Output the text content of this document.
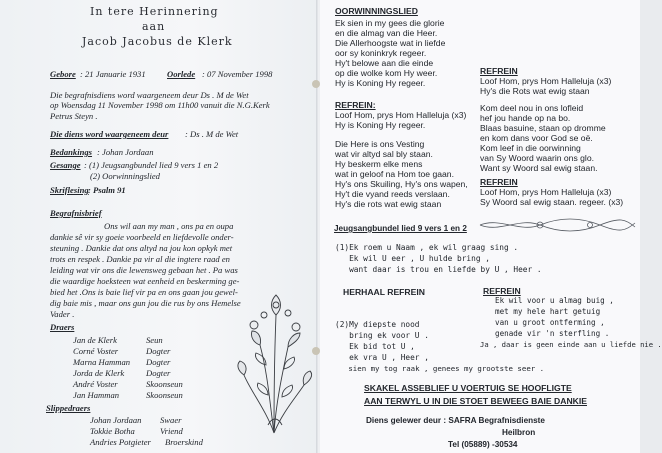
In tere Herinnering
aan
Jacob Jacobus de Klerk
Gebore : 21 Januarie 1931 Oorlede : 07 November 1998
Die begrafnisdiens word waargeneem deur Ds . M de Wet
op Woensdag 11 November 1998 om 11h00 vanuit die N.G.Kerk
Petrus Steyn .
Die diens word waargeneem deur : Ds . M de Wet
Bedankings : Johan Jordaan
Gesange : (1) Jeugsangbundel lied 9 vers 1 en 2
(2) Oorwinningslied
Skriflesing : Psalm 91
Begrafnisbrief
Ons wil aan my man , ons pa en oupa
dankie sê vir sy goeie voorbeeld en liefdevolle onder-
steuning . Dankie dat ons altyd na jou kon opkyk met
trots en respek . Dankie pa vir al die ingtere raad en
leiding wat vir ons die lewensweg gebaan het . Pa was
die waardige hoeksteen wat eenheid en beskerming ge-
bied het .Ons is baie lief vir pa en ons gaan jou gewel-
dig baie mis , maar ons gun jou die rus by ons Hemelse
Vader .
Draers
Jan de Klerk	Seun
Corné Voster	Dogter
Marna Hamman Dogter
Jorda de Klerk	Dogter
André Voster	Skoonseun
Jan Hamman	Skoonseun
Slippedraers
Johan Jordaan Swaer
Tokkie Botha	Vriend
Andries Potgieter Broerskind
OORWINNINGSLIED
Ek sien in my gees die glorie
en die almag van die Heer.
Die Allerhoogste wat in liefde
oor sy koninkryk regeer.
Hy't belowe aan die einde
op die wolke kom Hy weer.
Hy is Koning Hy regeer.
REFREIN:
Loof Hom, prys Hom Halleluja (x3)
Hy is Koning Hy regeer.
Die Here is ons Vesting
wat vir altyd sal bly staan.
Hy beskerm elke mens
wat in geloof na Hom toe gaan.
Hy's ons Skuiling, Hy's ons wapen,
Hy't die vyand reeds verslaan.
Hy's die rots wat ewig staan
REFREIN
Loof Hom, prys Hom Halleluja (x3)
Hy's die Rots wat ewig staan
Kom deel nou in ons lofleid
hef jou hande op na bo.
Blaas basuine, staan op dromme
en kom dans voor God se oë.
Kom leef in die oorwinning
van Sy Woord waarin ons glo.
Want sy Woord sal ewig staan.
REFREIN
Loof Hom, prys Hom Halleluja (x3)
Sy Woord sal ewig staan. regeer. (x3)
Jeugsangbundel lied 9 vers 1 en 2
(1)Ek roem u Naam , ek wil graag sing .
Ek wil U eer , U hulde bring ,
want daar is trou en liefde by U , Heer .
HERHAAL REFREIN	REFREIN
Ek wil voor u almag buig ,
met my hele hart getuig
van u groot ontferming ,
genade vir 'n sterfling .
Ja , daar is geen einde aan u liefde nie .
(2)My diepste nood
bring ek voor U .
Ek bid tot U ,
ek vra U , Heer ,
sien my tog raak , genees my grootste seer .
SKAKEL ASSEBLIEF U VOERTUIG SE HOOFLIGTE
AAN TERWYL U IN DIE STOET BEWEEG BAIE DANKIE
Diens gelewer deur : SAFRA Begrafnisdienste
Heilbron
Tel (05889) -30534
